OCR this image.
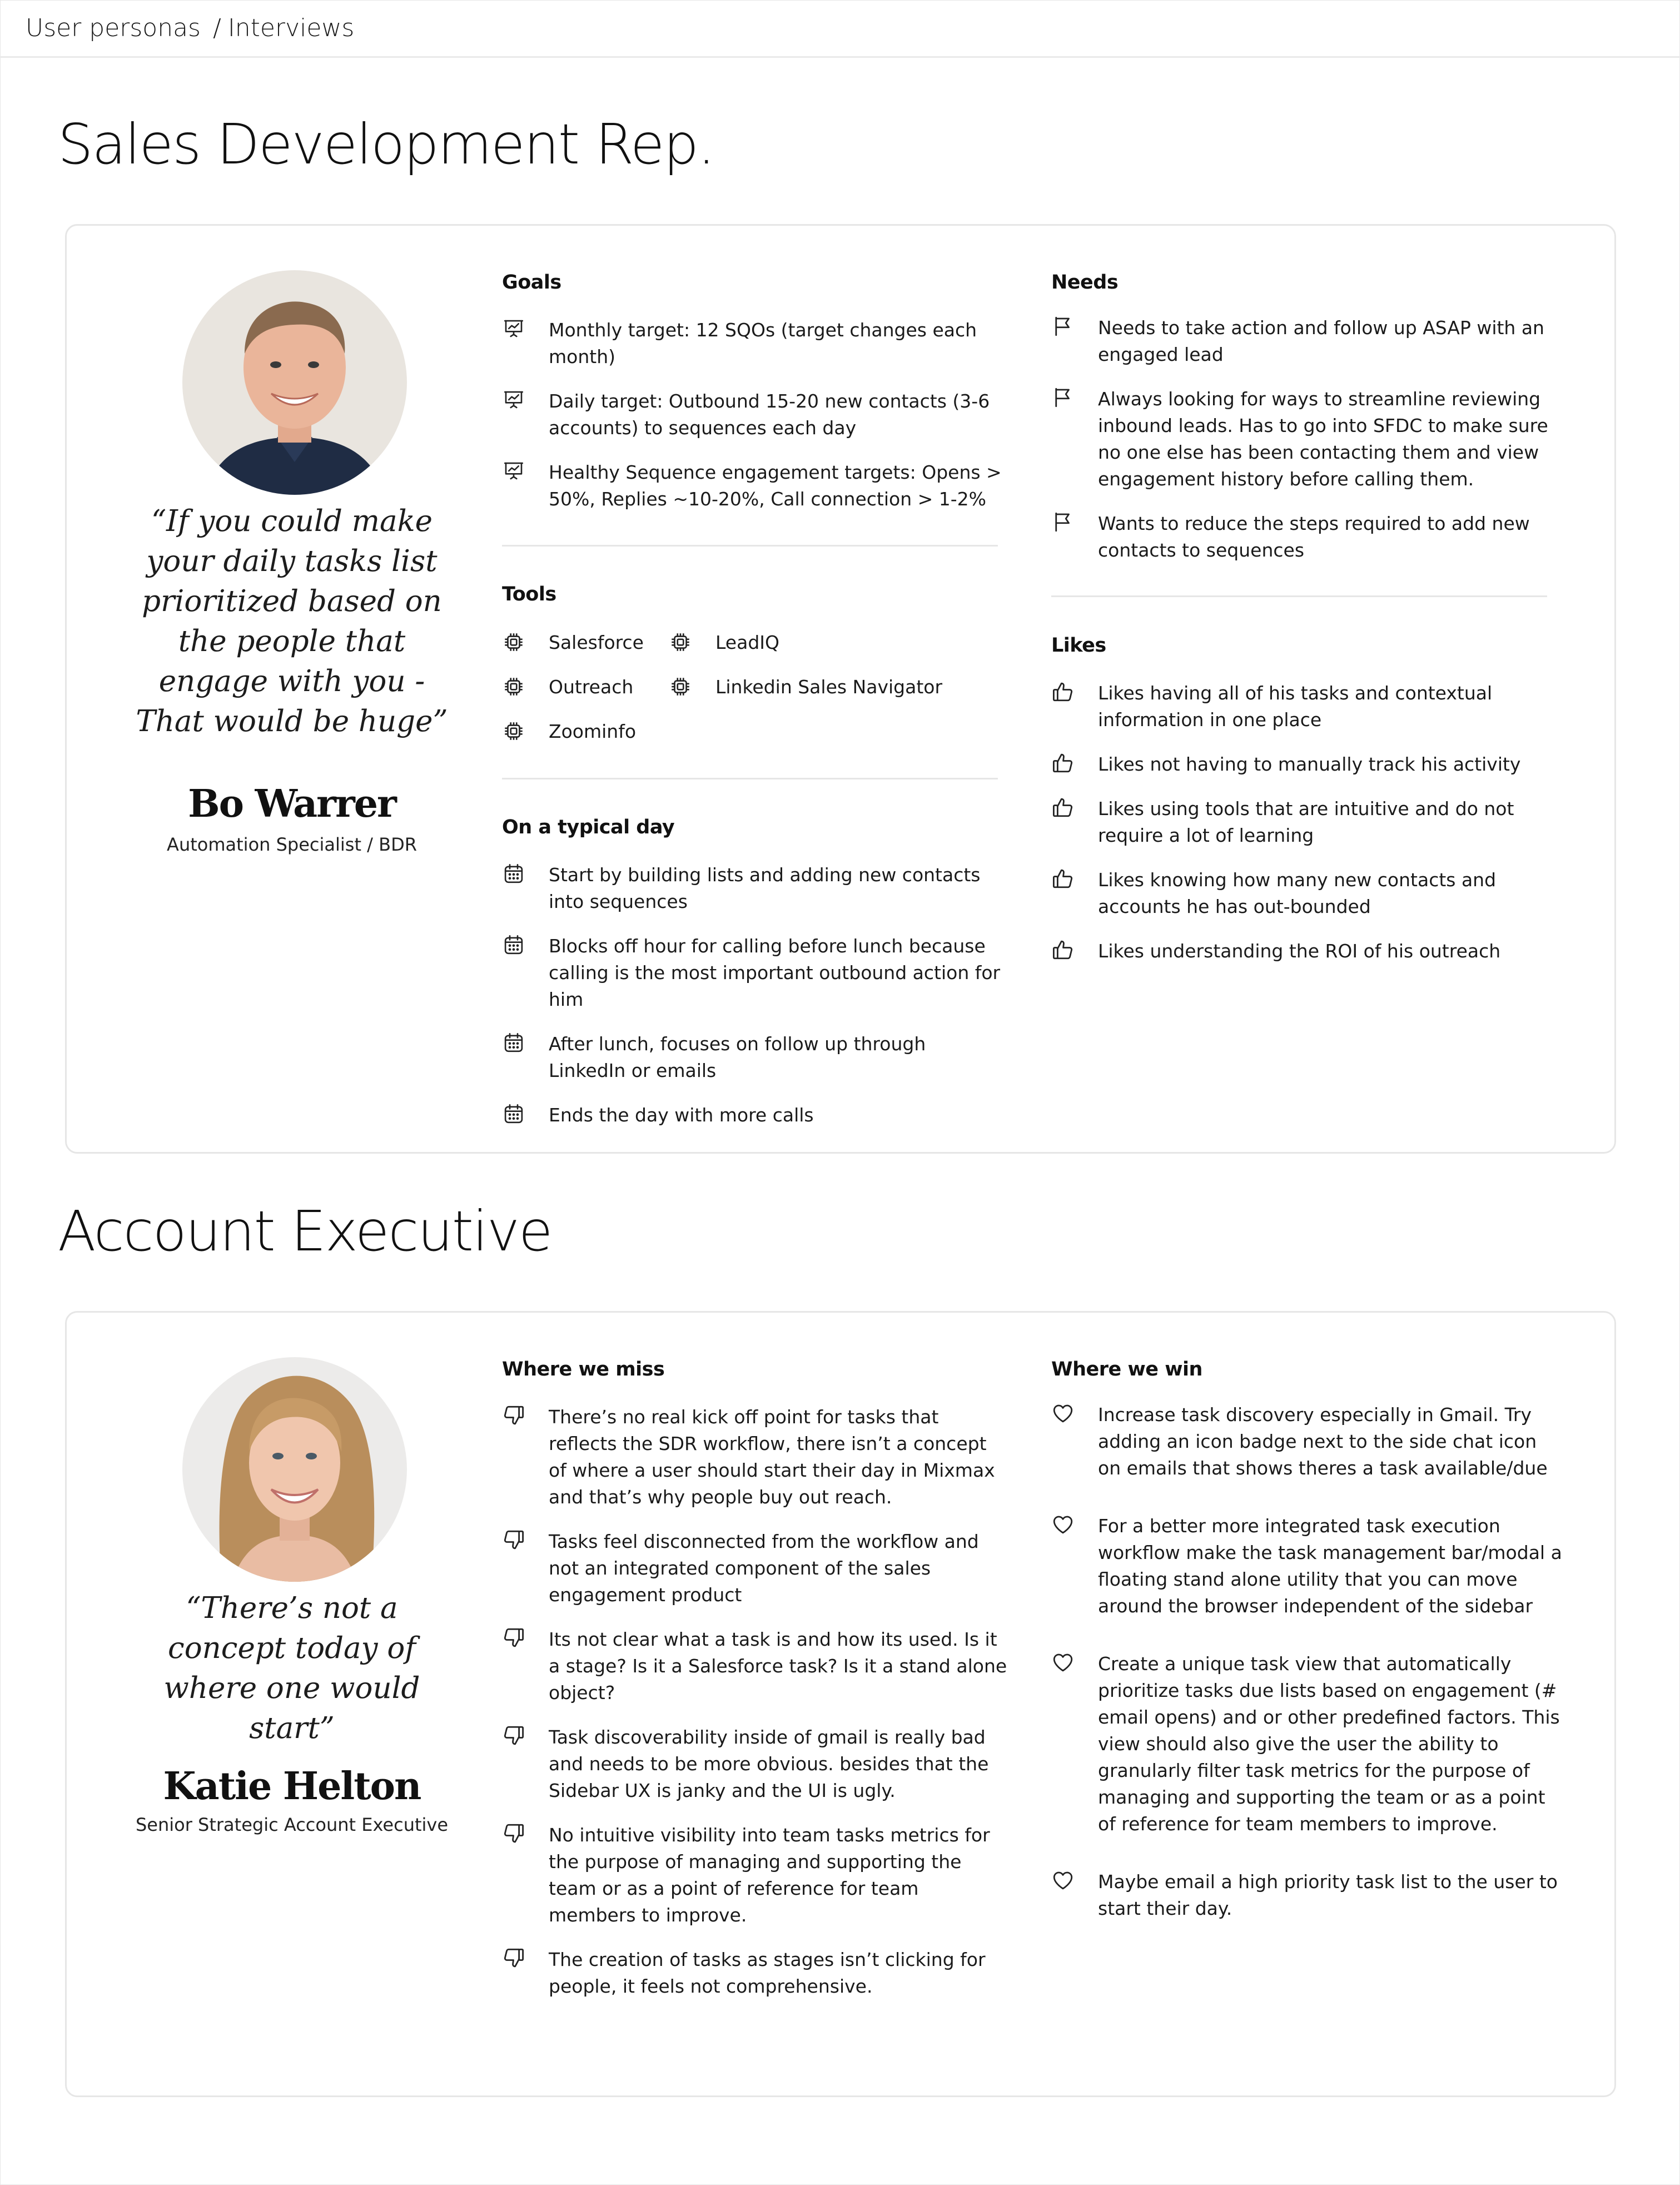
User personas / Interviews
Sales Development Rep.
“If you could make your daily tasks list prioritized based on the people that engage with you - That would be huge”
Bo Warrer
Automation Specialist / BDR
Goals
Monthly target: 12 SQOs (target changes each month)
Daily target: Outbound 15-20 new contacts (3-6 accounts) to sequences each day
Healthy Sequence engagement targets: Opens > 50%, Replies ~10-20%, Call connection > 1-2%
Tools
Salesforce	LeadIQ
Outreach	Linkedin Sales Navigator
Zoominfo
On a typical day
Start by building lists and adding new contacts into sequences
Blocks off hour for calling before lunch because calling is the most important outbound action for him
After lunch, focuses on follow up through LinkedIn or emails
Ends the day with more calls
Needs
Needs to take action and follow up ASAP with an engaged lead
Always looking for ways to streamline reviewing inbound leads. Has to go into SFDC to make sure no one else has been contacting them and view engagement history before calling them.
Wants to reduce the steps required to add new contacts to sequences
Likes
Likes having all of his tasks and contextual information in one place
Likes not having to manually track his activity
Likes using tools that are intuitive and do not require a lot of learning
Likes knowing how many new contacts and accounts he has out-bounded
Likes understanding the ROI of his outreach
Account Executive
“There’s not a concept today of where one would start”
Katie Helton
Senior Strategic Account Executive
Where we miss
There’s no real kick off point for tasks that reflects the SDR workflow, there isn’t a concept of where a user should start their day in Mixmax and that’s why people buy out reach.
Tasks feel disconnected from the workflow and not an integrated component of the sales engagement product
Its not clear what a task is and how its used. Is it a stage? Is it a Salesforce task? Is it a stand alone object?
Task discoverability inside of gmail is really bad and needs to be more obvious. besides that the Sidebar UX is janky and the UI is ugly.
No intuitive visibility into team tasks metrics for the purpose of managing and supporting the team or as a point of reference for team members to improve.
The creation of tasks as stages isn’t clicking for people, it feels not comprehensive.
Where we win
Increase task discovery especially in Gmail. Try adding an icon badge next to the side chat icon on emails that shows theres a task available/due
For a better more integrated task execution workflow make the task management bar/modal a floating stand alone utility that you can move around the browser independent of the sidebar
Create a unique task view that automatically prioritize tasks due lists based on engagement (# email opens) and or other predefined factors. This view should also give the user the ability to granularly filter task metrics for the purpose of managing and supporting the team or as a point of reference for team members to improve.
Maybe email a high priority task list to the user to start their day.
